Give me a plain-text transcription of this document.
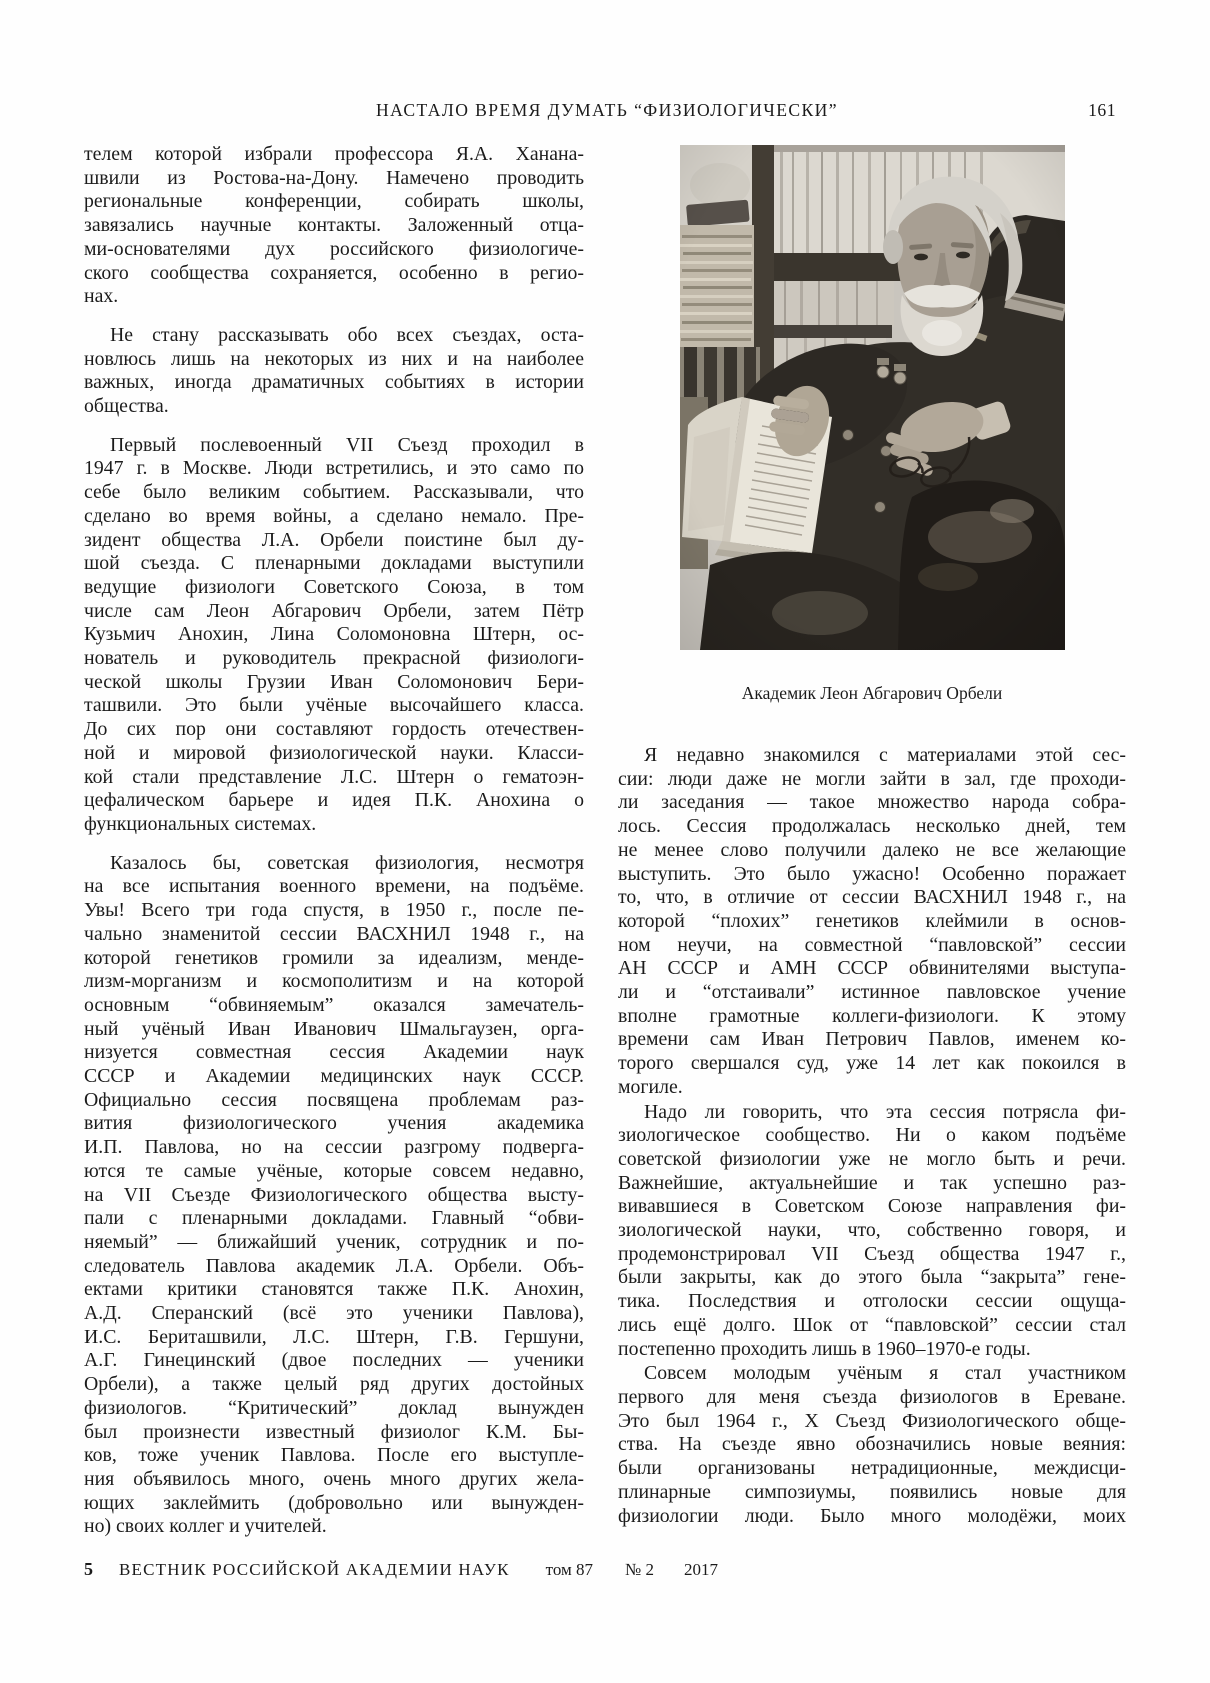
НАСТАЛО ВРЕМЯ ДУМАТЬ “ФИЗИОЛОГИЧЕСКИ”	161
телем которой избрали профессора Я.А. Ханана-
швили из Ростова-на-Дону. Намечено проводить
региональные конференции, собирать школы,
завязались научные контакты. Заложенный отца-
ми-основателями дух российского физиологиче-
ского сообщества сохраняется, особенно в регио-
нах.
Не стану рассказывать обо всех съездах, оста-
новлюсь лишь на некоторых из них и на наиболее
важных, иногда драматичных событиях в истории
общества.
Первый послевоенный VII Съезд проходил в
1947 г. в Москве. Люди встретились, и это само по
себе было великим событием. Рассказывали, что
сделано во время войны, а сделано немало. Пре-
зидент общества Л.А. Орбели поистине был ду-
шой съезда. С пленарными докладами выступили
ведущие физиологи Советского Союза, в том
числе сам Леон Абгарович Орбели, затем Пётр
Кузьмич Анохин, Лина Соломоновна Штерн, ос-
нователь и руководитель прекрасной физиологи-
ческой школы Грузии Иван Соломонович Бери-
ташвили. Это были учёные высочайшего класса.
До сих пор они составляют гордость отечествен-
ной и мировой физиологической науки. Класси-
кой стали представление Л.С. Штерн о гематоэн-
цефалическом барьере и идея П.К. Анохина о
функциональных системах.
Казалось бы, советская физиология, несмотря
на все испытания военного времени, на подъёме.
Увы! Всего три года спустя, в 1950 г., после пе-
чально знаменитой сессии ВАСХНИЛ 1948 г., на
которой генетиков громили за идеализм, менде-
лизм-морганизм и космополитизм и на которой
основным “обвиняемым” оказался замечатель-
ный учёный Иван Иванович Шмальгаузен, орга-
низуется совместная сессия Академии наук
СССР и Академии медицинских наук СССР.
Официально сессия посвящена проблемам раз-
вития физиологического учения академика
И.П. Павлова, но на сессии разгрому подверга-
ются те самые учёные, которые совсем недавно,
на VII Съезде Физиологического общества высту-
пали с пленарными докладами. Главный “обви-
няемый” — ближайший ученик, сотрудник и по-
следователь Павлова академик Л.А. Орбели. Объ-
ектами критики становятся также П.К. Анохин,
А.Д. Сперанский (всё это ученики Павлова),
И.С. Бериташвили, Л.С. Штерн, Г.В. Гершуни,
А.Г. Гинецинский (двое последних — ученики
Орбели), а также целый ряд других достойных
физиологов. “Критический” доклад вынужден
был произнести известный физиолог К.М. Бы-
ков, тоже ученик Павлова. После его выступле-
ния объявилось много, очень много других жела-
ющих заклеймить (добровольно или вынужден-
но) своих коллег и учителей.
Академик Леон Абгарович Орбели
Я недавно знакомился с материалами этой сес-
сии: люди даже не могли зайти в зал, где проходи-
ли заседания — такое множество народа собра-
лось. Сессия продолжалась несколько дней, тем
не менее слово получили далеко не все желающие
выступить. Это было ужасно! Особенно поражает
то, что, в отличие от сессии ВАСХНИЛ 1948 г., на
которой “плохих” генетиков клеймили в основ-
ном неучи, на совместной “павловской” сессии
АН СССР и АМН СССР обвинителями выступа-
ли и “отстаивали” истинное павловское учение
вполне грамотные коллеги-физиологи. К этому
времени сам Иван Петрович Павлов, именем ко-
торого свершался суд, уже 14 лет как покоился в
могиле.
Надо ли говорить, что эта сессия потрясла фи-
зиологическое сообщество. Ни о каком подъёме
советской физиологии уже не могло быть и речи.
Важнейшие, актуальнейшие и так успешно раз-
вивавшиеся в Советском Союзе направления фи-
зиологической науки, что, собственно говоря, и
продемонстрировал VII Съезд общества 1947 г.,
были закрыты, как до этого была “закрыта” гене-
тика. Последствия и отголоски сессии ощуща-
лись ещё долго. Шок от “павловской” сессии стал
постепенно проходить лишь в 1960–1970-е годы.
Совсем молодым учёным я стал участником
первого для меня съезда физиологов в Ереване.
Это был 1964 г., X Съезд Физиологического обще-
ства. На съезде явно обозначились новые веяния:
были организованы нетрадиционные, междисци-
плинарные симпозиумы, появились новые для
физиологии люди. Было много молодёжи, моих
5 ВЕСТНИК РОССИЙСКОЙ АКАДЕМИИ НАУК том 87 № 2 2017
